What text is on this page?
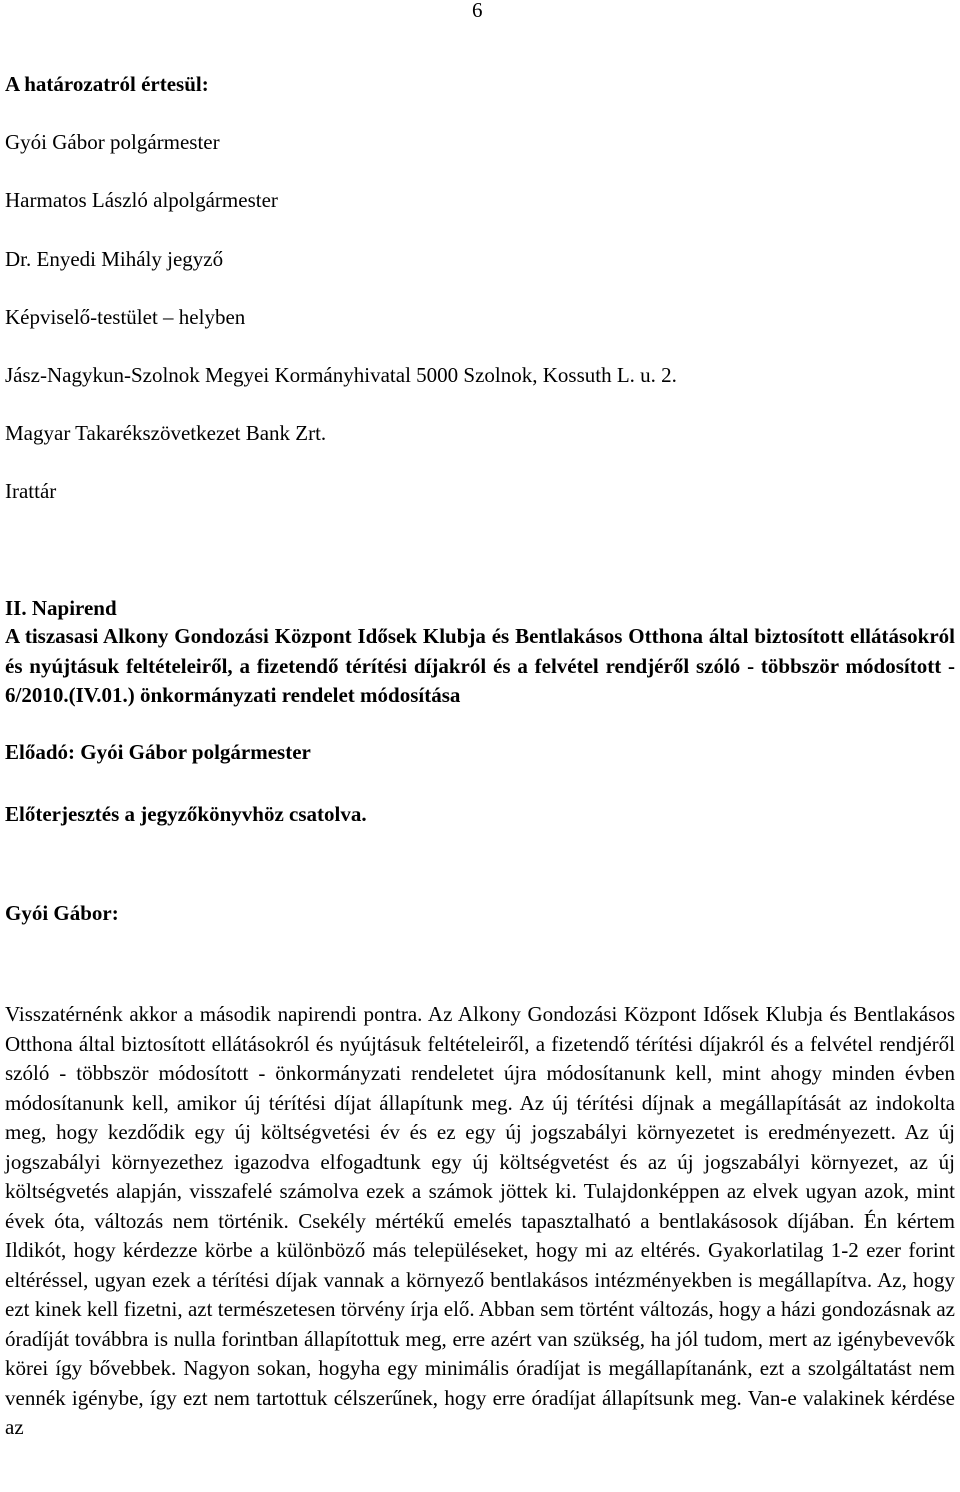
6

A határozatról értesül:

Gyói Gábor polgármester
Harmatos László alpolgármester
Dr. Enyedi Mihály jegyző
Képviselő-testület – helyben
Jász-Nagykun-Szolnok Megyei Kormányhivatal 5000 Szolnok, Kossuth L. u. 2.
Magyar Takarékszövetkezet Bank Zrt.
Irattár

II. Napirend

A tiszasasi Alkony Gondozási Központ Idősek Klubja és Bentlakásos Otthona által biztosított ellátásokról és nyújtásuk feltételeiről, a fizetendő térítési díjakról és a felvétel rendjéről szóló - többször módosított - 6/2010.(IV.01.) önkormányzati rendelet módosítása

Előadó: Gyói Gábor polgármester

Előterjesztés a jegyzőkönyvhöz csatolva.

Gyói Gábor:

Visszatérnénk akkor a második napirendi pontra. Az Alkony Gondozási Központ Idősek Klubja és Bentlakásos Otthona által biztosított ellátásokról és nyújtásuk feltételeiről, a fizetendő térítési díjakról és a felvétel rendjéről szóló - többször módosított - önkormányzati rendeletet újra módosítanunk kell, mint ahogy minden évben módosítanunk kell, amikor új térítési díjat állapítunk meg. Az új térítési díjnak a megállapítását az indokolta meg, hogy kezdődik egy új költségvetési év és ez egy új jogszabályi környezetet is eredményezett. Az új jogszabályi környezethez igazodva elfogadtunk egy új költségvetést és az új jogszabályi környezet, az új költségvetés alapján, visszafelé számolva ezek a számok jöttek ki. Tulajdonképpen az elvek ugyan azok, mint évek óta, változás nem történik. Csekély mértékű emelés tapasztalható a bentlakásosok díjában. Én kértem Ildikót, hogy kérdezze körbe a különböző más településeket, hogy mi az eltérés. Gyakorlatilag 1-2 ezer forint eltéréssel, ugyan ezek a térítési díjak vannak a környező bentlakásos intézményekben is megállapítva. Az, hogy ezt kinek kell fizetni, azt természetesen törvény írja elő. Abban sem történt változás, hogy a házi gondozásnak az óradíját továbbra is nulla forintban állapítottuk meg, erre azért van szükség, ha jól tudom, mert az igénybevevők körei így bővebbek. Nagyon sokan, hogyha egy minimális óradíjat is megállapítanánk, ezt a szolgáltatást nem vennék igénybe, így ezt nem tartottuk célszerűnek, hogy erre óradíjat állapítsunk meg. Van-e valakinek kérdése az
